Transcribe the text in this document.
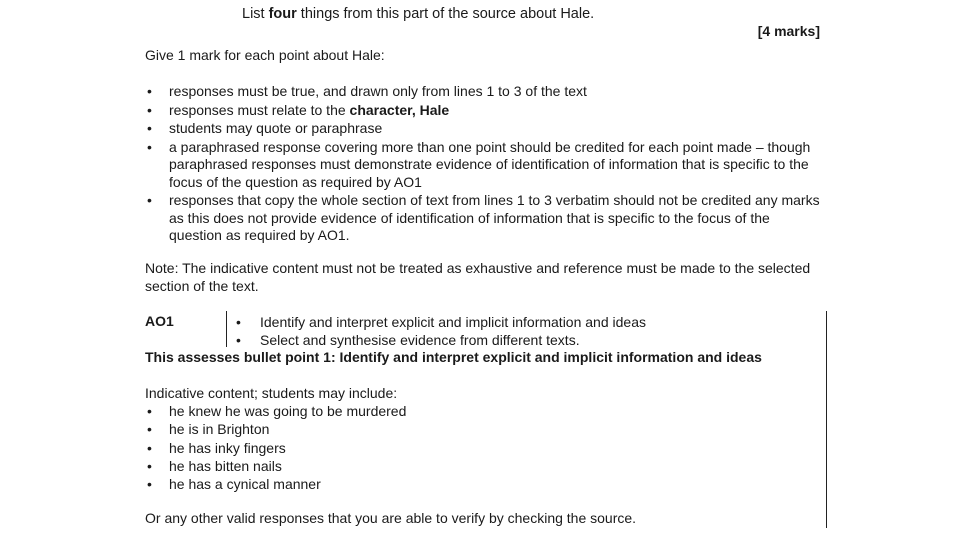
List four things from this part of the source about Hale.
[4 marks]
Give 1 mark for each point about Hale:
• responses must be true, and drawn only from lines 1 to 3 of the text
• responses must relate to the character, Hale
• students may quote or paraphrase
• a paraphrased response covering more than one point should be credited for each point made – though paraphrased responses must demonstrate evidence of identification of information that is specific to the focus of the question as required by AO1
• responses that copy the whole section of text from lines 1 to 3 verbatim should not be credited any marks as this does not provide evidence of identification of information that is specific to the focus of the question as required by AO1.
Note: The indicative content must not be treated as exhaustive and reference must be made to the selected section of the text.
AO1	• Identify and interpret explicit and implicit information and ideas
• Select and synthesise evidence from different texts.
This assesses bullet point 1: Identify and interpret explicit and implicit information and ideas
Indicative content; students may include:
• he knew he was going to be murdered
• he is in Brighton
• he has inky fingers
• he has bitten nails
• he has a cynical manner
Or any other valid responses that you are able to verify by checking the source.
